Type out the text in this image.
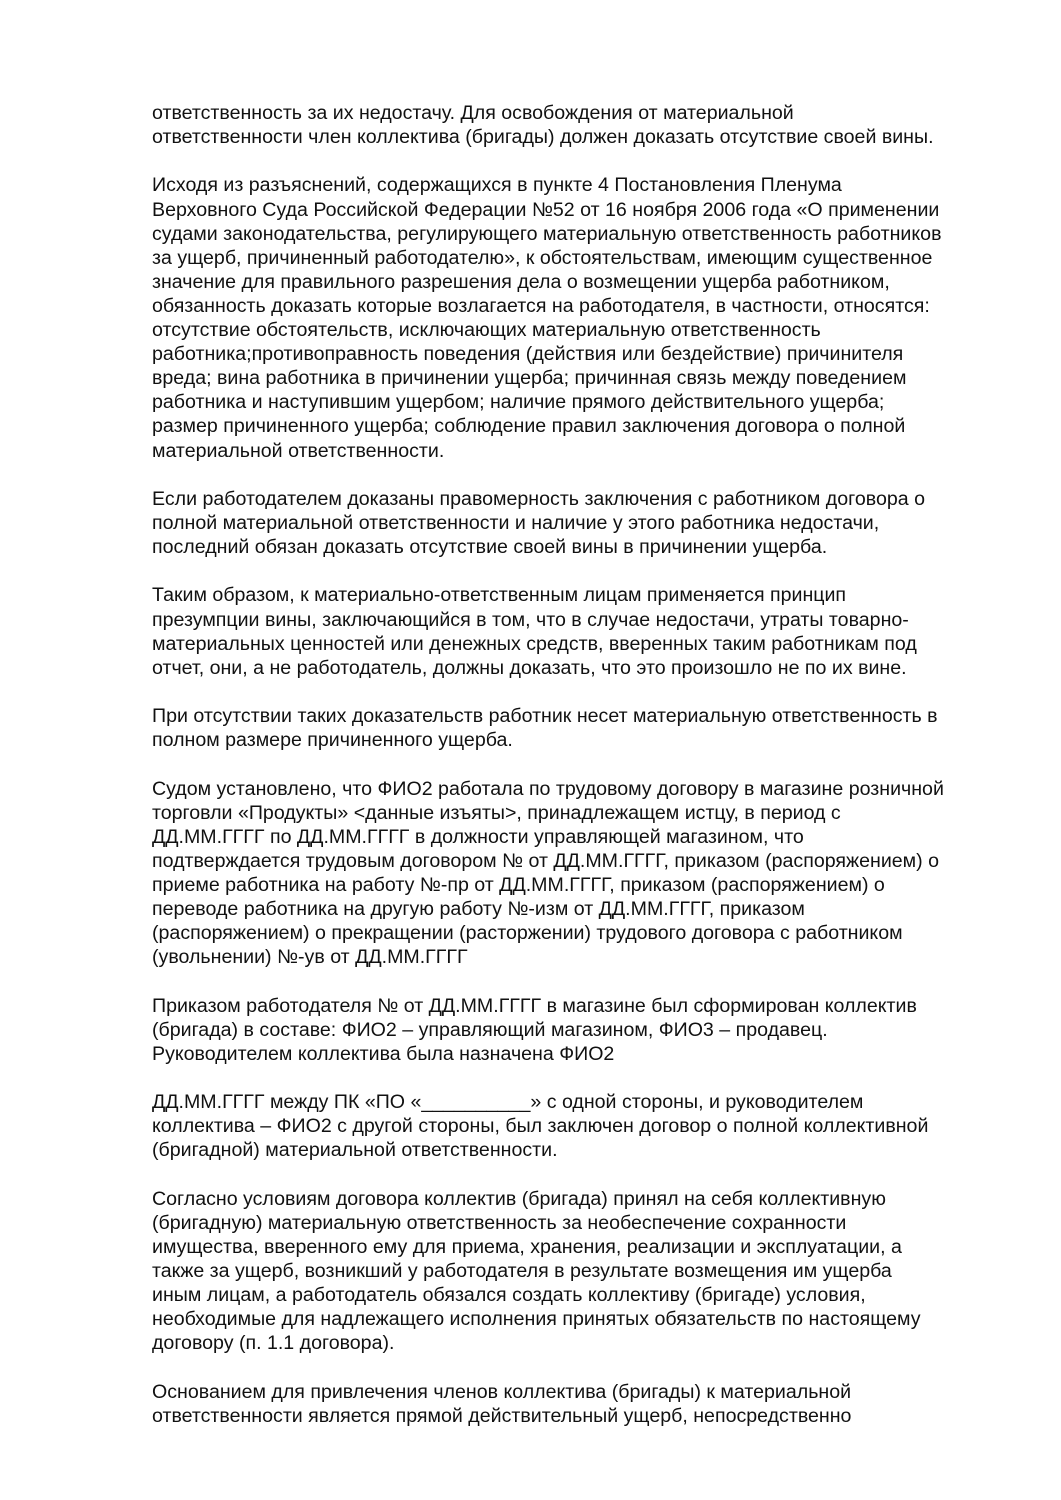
ответственность за их недостачу. Для освобождения от материальной
ответственности член коллектива (бригады) должен доказать отсутствие своей вины.

Исходя из разъяснений, содержащихся в пункте 4 Постановления Пленума
Верховного Суда Российской Федерации №52 от 16 ноября 2006 года «О применении
судами законодательства, регулирующего материальную ответственность работников
за ущерб, причиненный работодателю», к обстоятельствам, имеющим существенное
значение для правильного разрешения дела о возмещении ущерба работником,
обязанность доказать которые возлагается на работодателя, в частности, относятся:
отсутствие обстоятельств, исключающих материальную ответственность
работника;противоправность поведения (действия или бездействие) причинителя
вреда; вина работника в причинении ущерба; причинная связь между поведением
работника и наступившим ущербом; наличие прямого действительного ущерба;
размер причиненного ущерба; соблюдение правил заключения договора о полной
материальной ответственности.

Если работодателем доказаны правомерность заключения с работником договора о
полной материальной ответственности и наличие у этого работника недостачи,
последний обязан доказать отсутствие своей вины в причинении ущерба.

Таким образом, к материально-ответственным лицам применяется принцип
презумпции вины, заключающийся в том, что в случае недостачи, утраты товарно-
материальных ценностей или денежных средств, вверенных таким работникам под
отчет, они, а не работодатель, должны доказать, что это произошло не по их вине.

При отсутствии таких доказательств работник несет материальную ответственность в
полном размере причиненного ущерба.

Судом установлено, что ФИО2 работала по трудовому договору в магазине розничной
торговли «Продукты» <данные изъяты>, принадлежащем истцу, в период с
ДД.ММ.ГГГГ по ДД.ММ.ГГГГ в должности управляющей магазином, что
подтверждается трудовым договором № от ДД.ММ.ГГГГ, приказом (распоряжением) о
приеме работника на работу №-пр от ДД.ММ.ГГГГ, приказом (распоряжением) о
переводе работника на другую работу №-изм от ДД.ММ.ГГГГ, приказом
(распоряжением) о прекращении (расторжении) трудового договора с работником
(увольнении) №-ув от ДД.ММ.ГГГГ

Приказом работодателя № от ДД.ММ.ГГГГ в магазине был сформирован коллектив
(бригада) в составе: ФИО2 – управляющий магазином, ФИО3 – продавец.
Руководителем коллектива была назначена ФИО2

ДД.ММ.ГГГГ между ПК «ПО «__________» с одной стороны, и руководителем
коллектива – ФИО2 с другой стороны, был заключен договор о полной коллективной
(бригадной) материальной ответственности.

Согласно условиям договора коллектив (бригада) принял на себя коллективную
(бригадную) материальную ответственность за необеспечение сохранности
имущества, вверенного ему для приема, хранения, реализации и эксплуатации, а
также за ущерб, возникший у работодателя в результате возмещения им ущерба
иным лицам, а работодатель обязался создать коллективу (бригаде) условия,
необходимые для надлежащего исполнения принятых обязательств по настоящему
договору (п. 1.1 договора).

Основанием для привлечения членов коллектива (бригады) к материальной
ответственности является прямой действительный ущерб, непосредственно
